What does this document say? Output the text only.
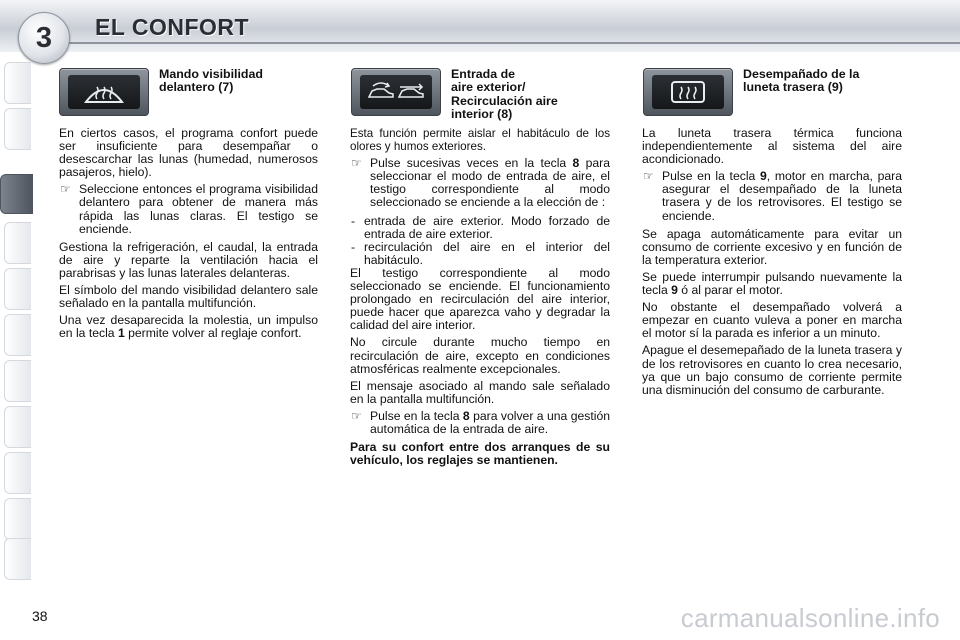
3 EL CONFORT
Mando visibilidad
delantero (7)

En ciertos casos, el programa confort puede ser insuficiente para desempañar o desescarchar las lunas (humedad, numerosos pasajeros, hielo).

☞ Seleccione entonces el programa visibilidad delantero para obtener de manera más rápida las lunas claras. El testigo se enciende.

Gestiona la refrigeración, el caudal, la entrada de aire y reparte la ventilación hacia el parabrisas y las lunas laterales delanteras.

El símbolo del mando visibilidad delantero sale señalado en la pantalla multifunción.

Una vez desaparecida la molestia, un impulso en la tecla 1 permite volver al reglaje confort.

Entrada de
aire exterior/
Recirculación aire
interior (8)

Esta función permite aislar el habitáculo de los olores y humos exteriores.

☞ Pulse sucesivas veces en la tecla 8 para seleccionar el modo de entrada de aire, el testigo correspondiente al modo seleccionado se enciende a la elección de :
- entrada de aire exterior. Modo forzado de entrada de aire exterior.
- recirculación del aire en el interior del habitáculo.

El testigo correspondiente al modo seleccionado se enciende. El funcionamiento prolongado en recirculación del aire interior, puede hacer que aparezca vaho y degradar la calidad del aire interior.

No circule durante mucho tiempo en recirculación de aire, excepto en condiciones atmosféricas realmente excepcionales.

El mensaje asociado al mando sale señalado en la pantalla multifunción.

☞ Pulse en la tecla 8 para volver a una gestión automática de la entrada de aire.

Para su confort entre dos arranques de su vehículo, los reglajes se mantienen.

Desempañado de la
luneta trasera (9)

La luneta trasera térmica funciona independientemente al sistema del aire acondicionado.

☞ Pulse en la tecla 9, motor en marcha, para asegurar el desempañado de la luneta trasera y de los retrovisores. El testigo se enciende.

Se apaga automáticamente para evitar un consumo de corriente excesivo y en función de la temperatura exterior.

Se puede interrumpir pulsando nuevamente la tecla 9 ó al parar el motor.

No obstante el desempañado volverá a empezar en cuanto vuleva a poner en marcha el motor sí la parada es inferior a un minuto.

Apague el desemepañado de la luneta trasera y de los retrovisores en cuanto lo crea necesario, ya que un bajo consumo de corriente permite una disminución del consumo de carburante.

38	carmanualsonline.info
